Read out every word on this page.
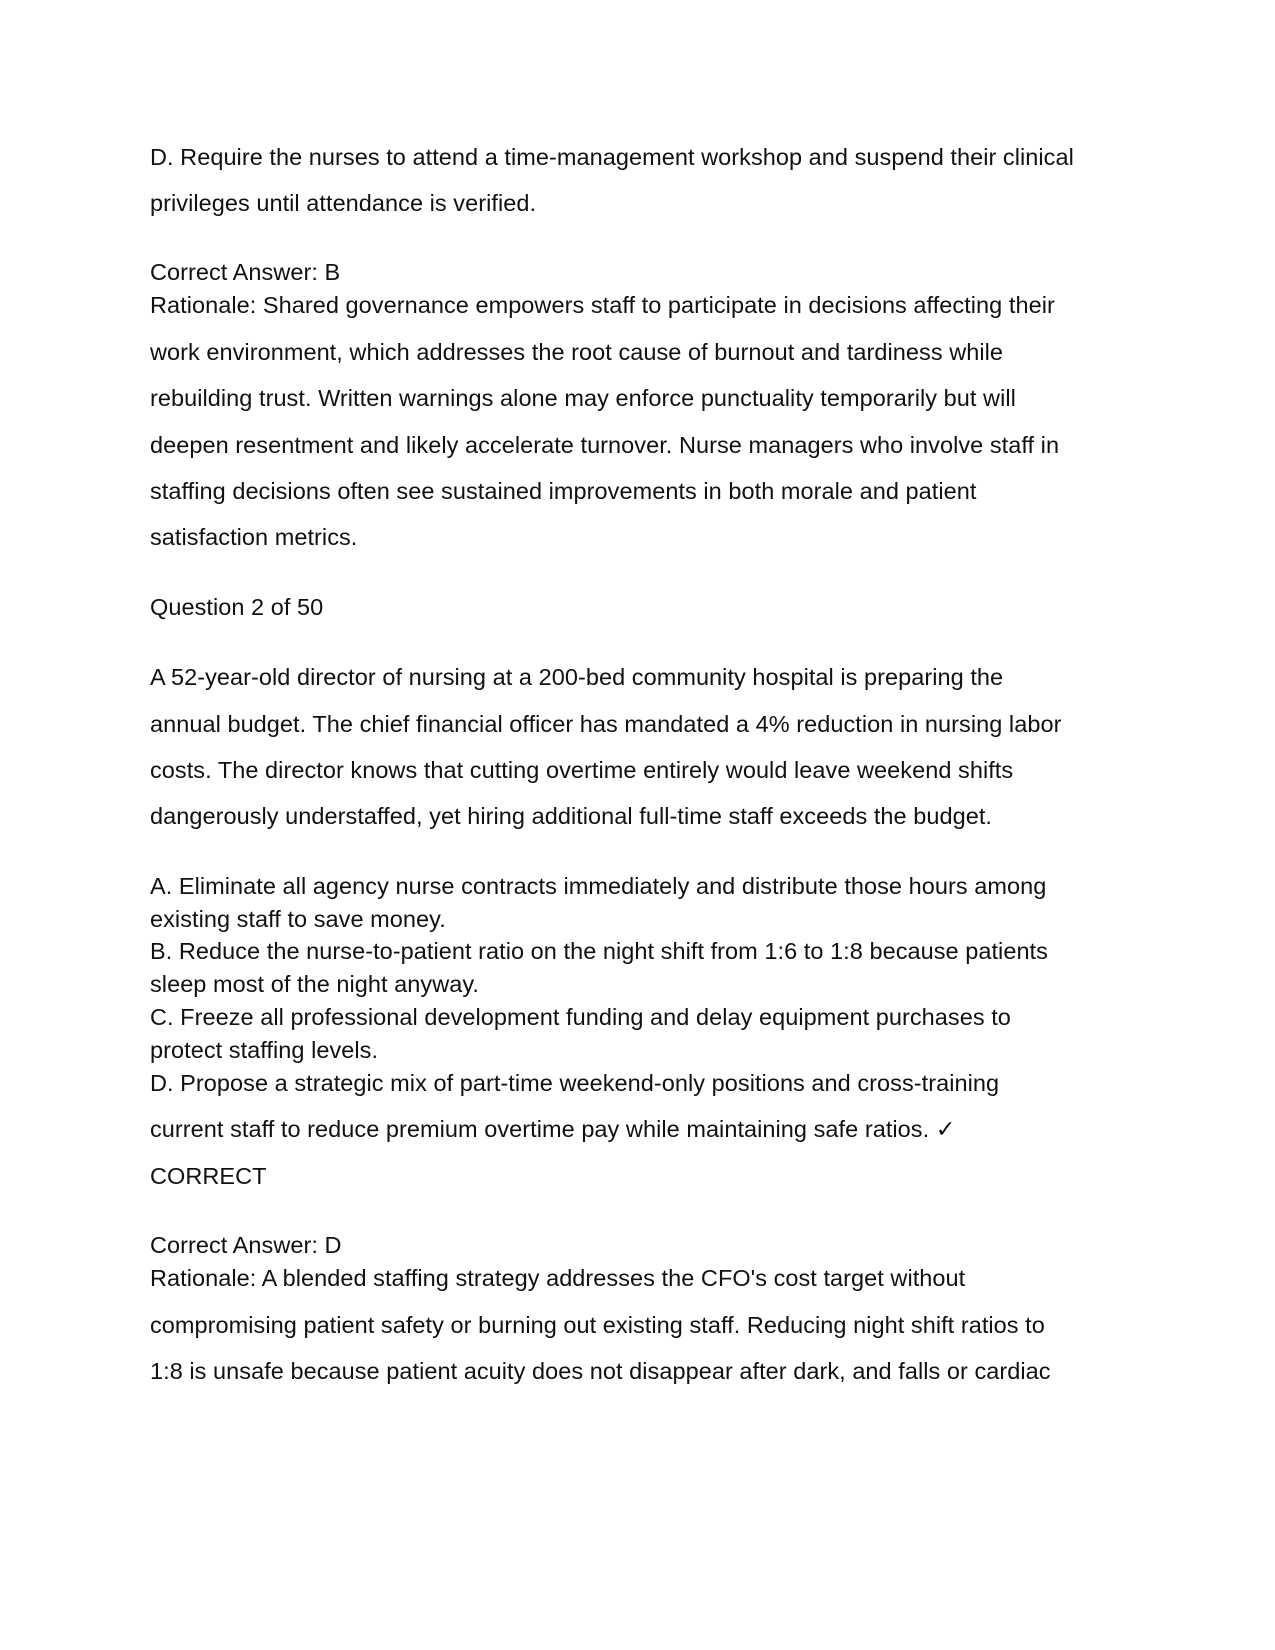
D. Require the nurses to attend a time-management workshop and suspend their clinical
privileges until attendance is verified.
Correct Answer: B
Rationale: Shared governance empowers staff to participate in decisions affecting their
work environment, which addresses the root cause of burnout and tardiness while
rebuilding trust. Written warnings alone may enforce punctuality temporarily but will
deepen resentment and likely accelerate turnover. Nurse managers who involve staff in
staffing decisions often see sustained improvements in both morale and patient
satisfaction metrics.
Question 2 of 50
A 52-year-old director of nursing at a 200-bed community hospital is preparing the
annual budget. The chief financial officer has mandated a 4% reduction in nursing labor
costs. The director knows that cutting overtime entirely would leave weekend shifts
dangerously understaffed, yet hiring additional full-time staff exceeds the budget.
A. Eliminate all agency nurse contracts immediately and distribute those hours among
existing staff to save money.
B. Reduce the nurse-to-patient ratio on the night shift from 1:6 to 1:8 because patients
sleep most of the night anyway.
C. Freeze all professional development funding and delay equipment purchases to
protect staffing levels.
D. Propose a strategic mix of part-time weekend-only positions and cross-training
current staff to reduce premium overtime pay while maintaining safe ratios. ✓
CORRECT
Correct Answer: D
Rationale: A blended staffing strategy addresses the CFO's cost target without
compromising patient safety or burning out existing staff. Reducing night shift ratios to
1:8 is unsafe because patient acuity does not disappear after dark, and falls or cardiac
